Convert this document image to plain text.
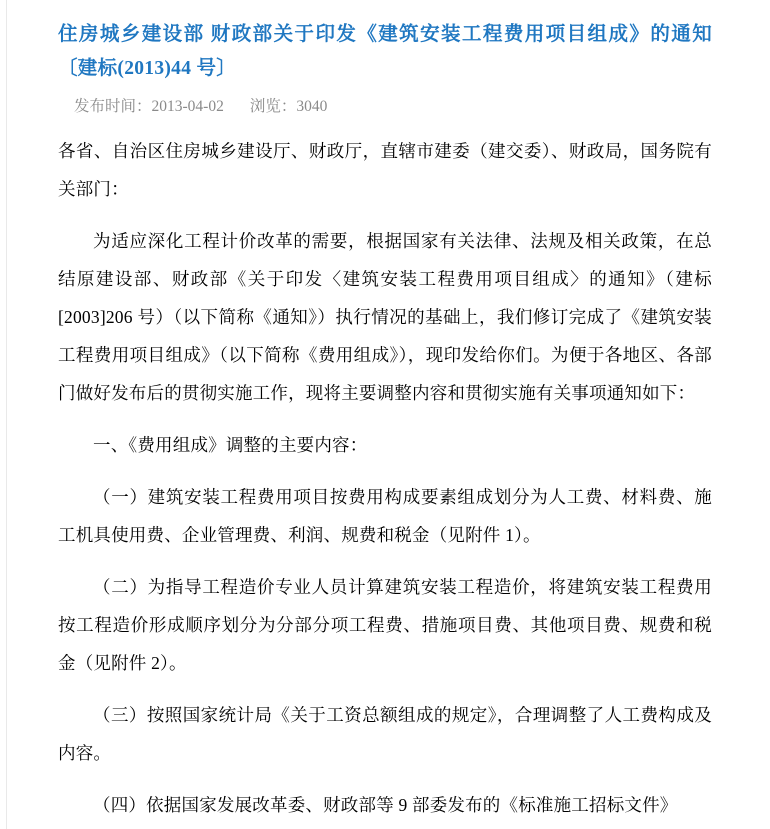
住房城乡建设部 财政部关于印发《建筑安装工程费用项目组成》的通知〔建标(2013)44 号〕
发布时间：2013-04-02 浏览：3040

各省、自治区住房城乡建设厅、财政厅，直辖市建委（建交委）、财政局，国务院有关部门：

为适应深化工程计价改革的需要，根据国家有关法律、法规及相关政策，在总结原建设部、财政部《关于印发〈建筑安装工程费用项目组成〉的通知》（建标[2003]206 号）（以下简称《通知》）执行情况的基础上，我们修订完成了《建筑安装工程费用项目组成》（以下简称《费用组成》），现印发给你们。为便于各地区、各部门做好发布后的贯彻实施工作，现将主要调整内容和贯彻实施有关事项通知如下：

一、《费用组成》调整的主要内容：

（一）建筑安装工程费用项目按费用构成要素组成划分为人工费、材料费、施工机具使用费、企业管理费、利润、规费和税金（见附件 1）。

（二）为指导工程造价专业人员计算建筑安装工程造价，将建筑安装工程费用按工程造价形成顺序划分为分部分项工程费、措施项目费、其他项目费、规费和税金（见附件 2）。

（三）按照国家统计局《关于工资总额组成的规定》，合理调整了人工费构成及内容。

（四）依据国家发展改革委、财政部等 9 部委发布的《标准施工招标文件》
